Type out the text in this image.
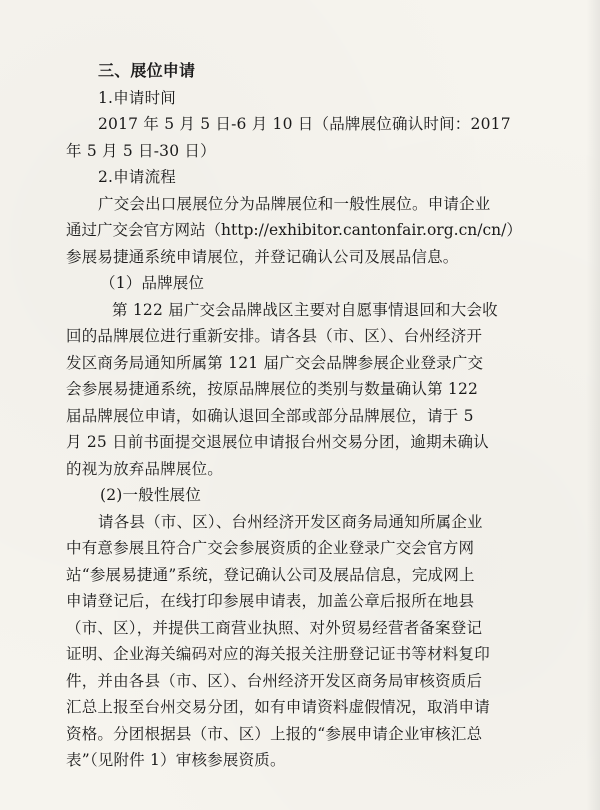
三、展位申请
1.申请时间
2017 年 5 月 5 日-6 月 10 日（品牌展位确认时间：2017
年 5 月 5 日-30 日）
2.申请流程
广交会出口展展位分为品牌展位和一般性展位。申请企业
通过广交会官方网站（http://exhibitor.cantonfair.org.cn/cn/）
参展易捷通系统申请展位，并登记确认公司及展品信息。
（1）品牌展位
第 122 届广交会品牌战区主要对自愿事情退回和大会收
回的品牌展位进行重新安排。请各县（市、区）、台州经济开
发区商务局通知所属第 121 届广交会品牌参展企业登录广交
会参展易捷通系统，按原品牌展位的类别与数量确认第 122
届品牌展位申请，如确认退回全部或部分品牌展位，请于 5
月 25 日前书面提交退展位申请报台州交易分团，逾期未确认
的视为放弃品牌展位。
(2)一般性展位
请各县（市、区）、台州经济开发区商务局通知所属企业
中有意参展且符合广交会参展资质的企业登录广交会官方网
站“参展易捷通”系统，登记确认公司及展品信息，完成网上
申请登记后，在线打印参展申请表，加盖公章后报所在地县
（市、区），并提供工商营业执照、对外贸易经营者备案登记
证明、企业海关编码对应的海关报关注册登记证书等材料复印
件，并由各县（市、区）、台州经济开发区商务局审核资质后
汇总上报至台州交易分团，如有申请资料虚假情况，取消申请
资格。分团根据县（市、区）上报的“参展申请企业审核汇总
表”（见附件 1）审核参展资质。
